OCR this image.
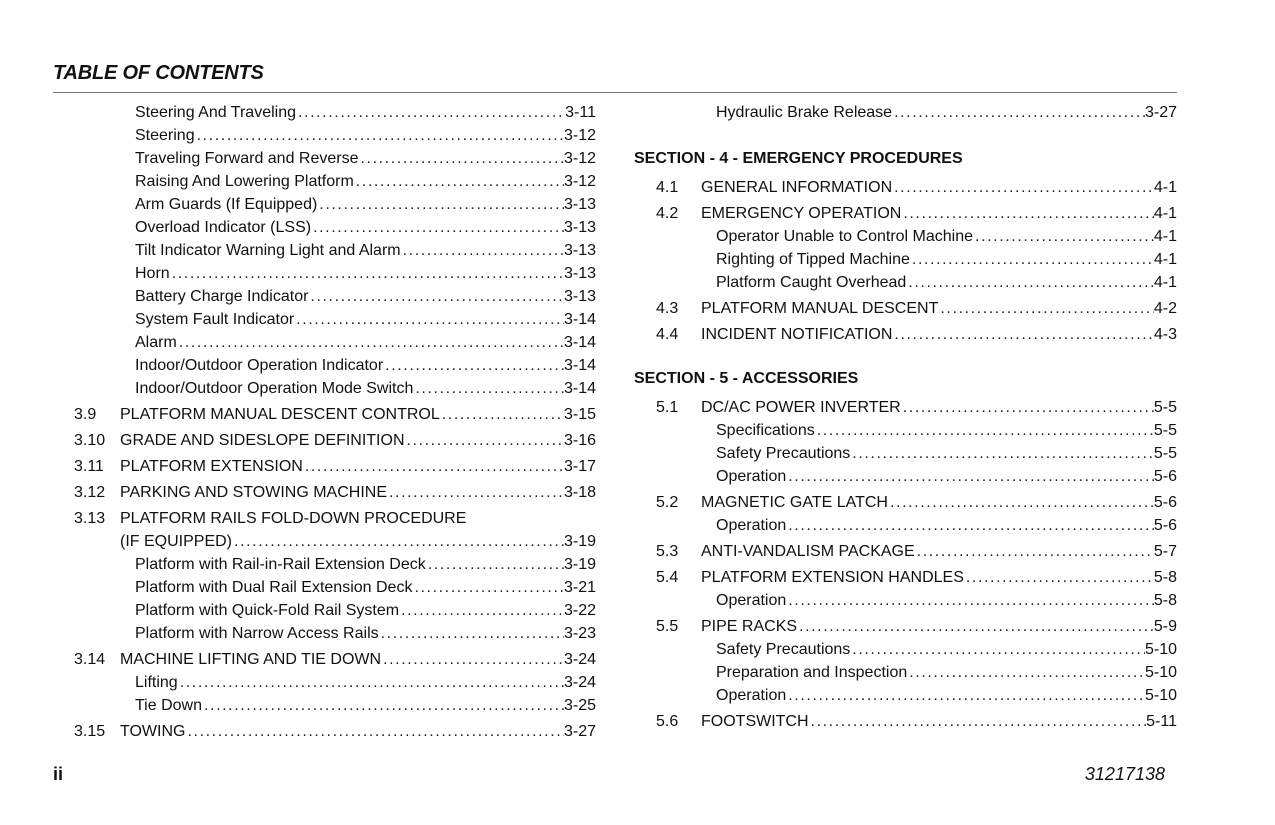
TABLE OF CONTENTS
Steering And Traveling .....	3-11
Steering .....	3-12
Traveling Forward and Reverse .....	3-12
Raising And Lowering Platform .....	3-12
Arm Guards (If Equipped) .....	3-13
Overload Indicator (LSS) .....	3-13
Tilt Indicator Warning Light and Alarm .....	3-13
Horn .....	3-13
Battery Charge Indicator .....	3-13
System Fault Indicator .....	3-14
Alarm .....	3-14
Indoor/Outdoor Operation Indicator .....	3-14
Indoor/Outdoor Operation Mode Switch .....	3-14
3.9	PLATFORM MANUAL DESCENT CONTROL .....	3-15
3.10 GRADE AND SIDESLOPE DEFINITION .....	3-16
3.11	PLATFORM EXTENSION .....	3-17
3.12 PARKING AND STOWING MACHINE .....	3-18
3.13 PLATFORM RAILS FOLD-DOWN PROCEDURE
(IF EQUIPPED) .....	3-19
Platform with Rail-in-Rail Extension Deck .....	3-19
Platform with Dual Rail Extension Deck .....	3-21
Platform with Quick-Fold Rail System .....	3-22
Platform with Narrow Access Rails .....	3-23
3.14 MACHINE LIFTING AND TIE DOWN .....	3-24
Lifting .....	3-24
Tie Down .....	3-25
3.15 TOWING .....	3-27
Hydraulic Brake Release .....	3-27
SECTION - 4 - EMERGENCY PROCEDURES
4.1	GENERAL INFORMATION .....	4-1
4.2	EMERGENCY OPERATION .....	4-1
Operator Unable to Control Machine .....	4-1
Righting of Tipped Machine .....	4-1
Platform Caught Overhead .....	4-1
4.3	PLATFORM MANUAL DESCENT .....	4-2
4.4	INCIDENT NOTIFICATION .....	4-3
SECTION - 5 - ACCESSORIES
5.1	DC/AC POWER INVERTER .....	5-5
Specifications .....	5-5
Safety Precautions .....	5-5
Operation .....	5-6
5.2	MAGNETIC GATE LATCH .....	5-6
Operation .....	5-6
5.3	ANTI-VANDALISM PACKAGE .....	5-7
5.4	PLATFORM EXTENSION HANDLES .....	5-8
Operation .....	5-8
5.5	PIPE RACKS .....	5-9
Safety Precautions .....	5-10
Preparation and Inspection .....	5-10
Operation .....	5-10
5.6	FOOTSWITCH .....	5-11
ii	31217138
